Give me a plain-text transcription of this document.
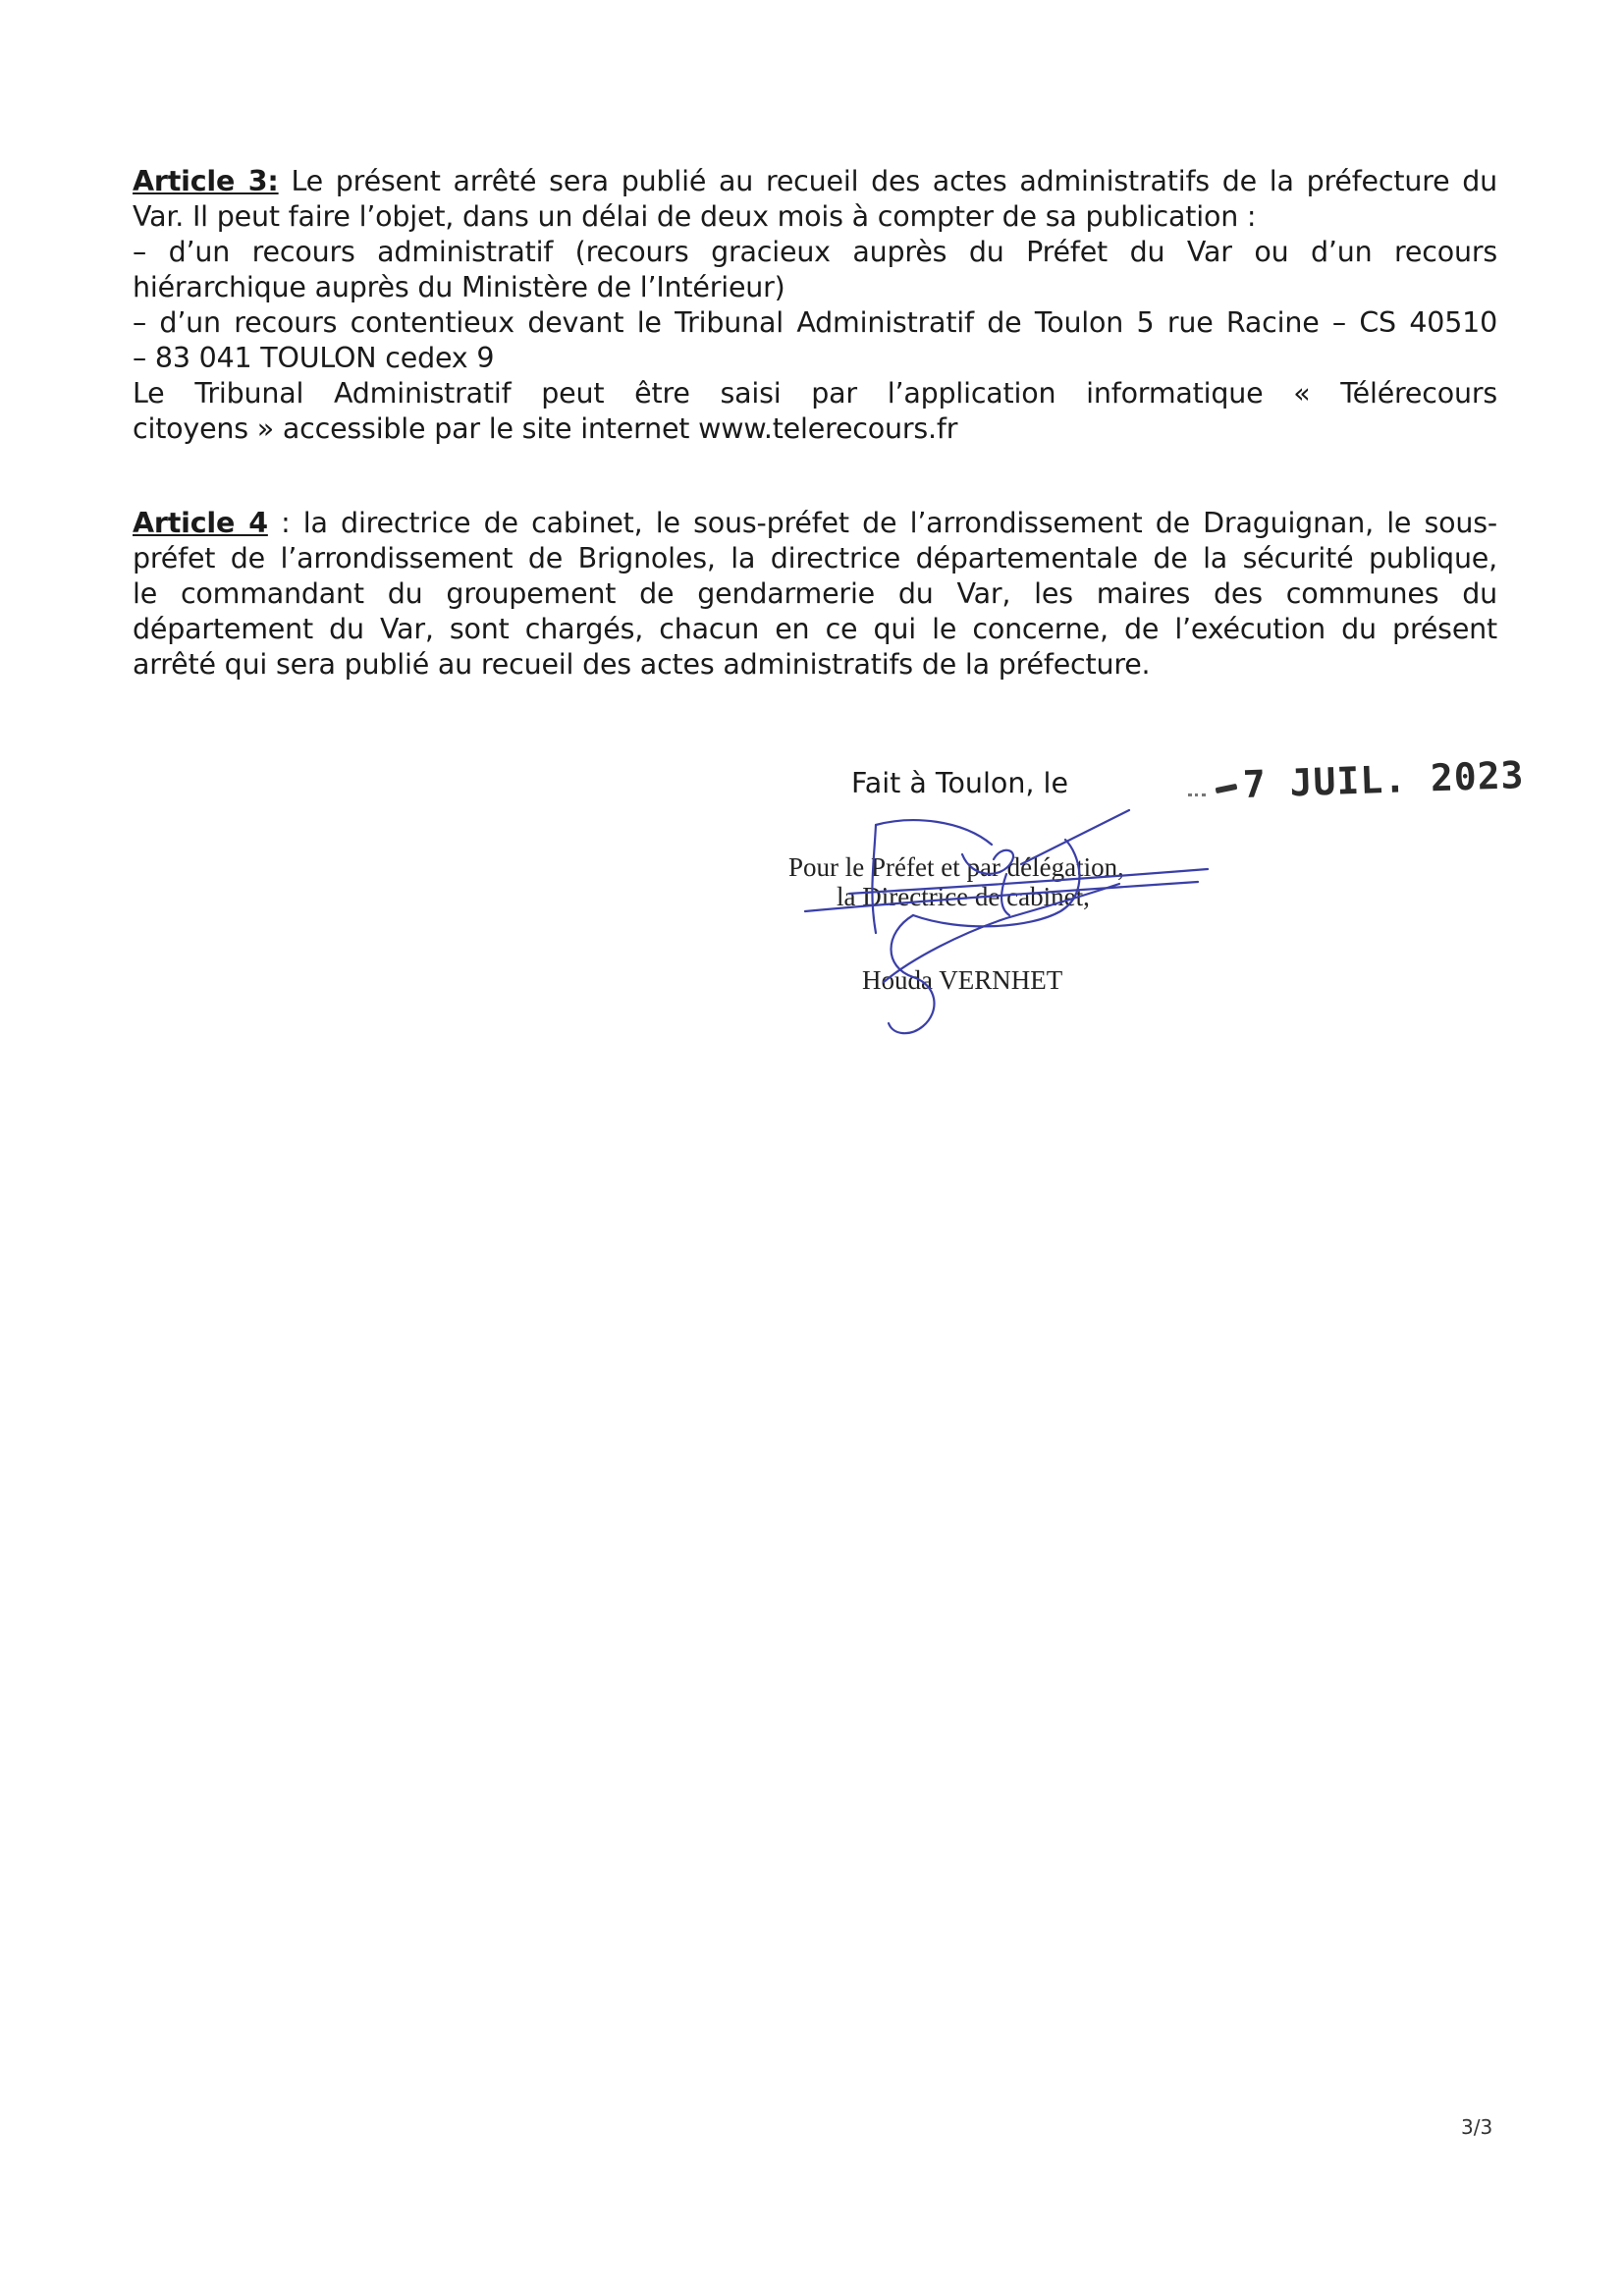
Article 3: Le présent arrêté sera publié au recueil des actes administratifs de la préfecture du

Var. Il peut faire l’objet, dans un délai de deux mois à compter de sa publication :

– d’un recours administratif (recours gracieux auprès du Préfet du Var ou d’un recours

hiérarchique auprès du Ministère de l’Intérieur)

– d’un recours contentieux devant le Tribunal Administratif de Toulon 5 rue Racine – CS 40510

– 83 041 TOULON cedex 9

Le Tribunal Administratif peut être saisi par l’application informatique « Télérecours

citoyens » accessible par le site internet www.telerecours.fr

Article 4 : la directrice de cabinet, le sous-préfet de l’arrondissement de Draguignan, le sous-

préfet de l’arrondissement de Brignoles, la directrice départementale de la sécurité publique,

le commandant du groupement de gendarmerie du Var, les maires des communes du

département du Var, sont chargés, chacun en ce qui le concerne, de l’exécution du présent

arrêté qui sera publié au recueil des actes administratifs de la préfecture.

Fait à Toulon, le	7 JUIL. 2023
Pour le Préfet et par délégation,
la Directrice de cabinet,
Houda VERNHET
3/3
